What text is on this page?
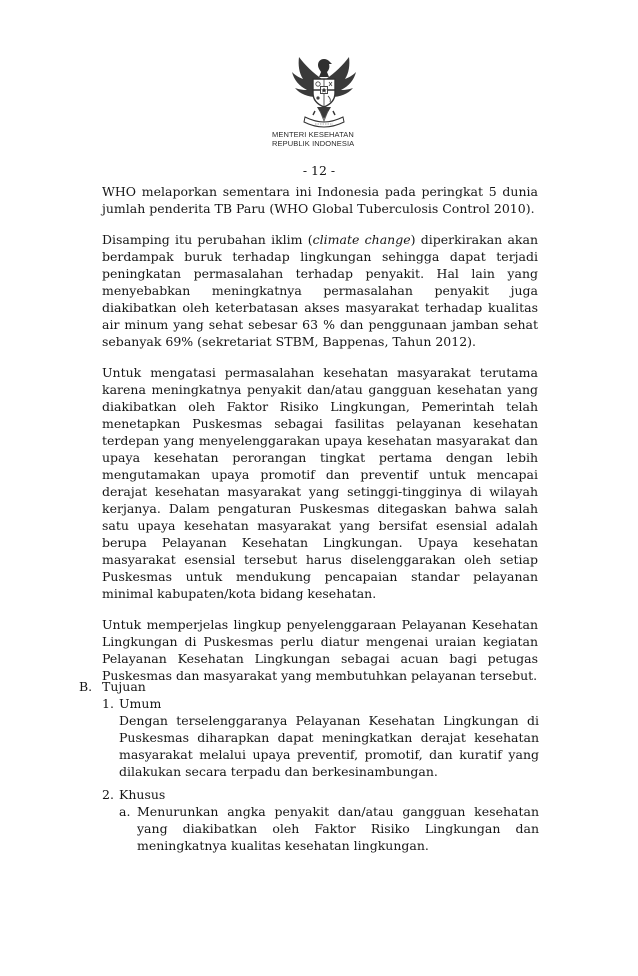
MENTERI KESEHATAN
REPUBLIK INDONESIA
- 12 -

WHO melaporkan sementara ini Indonesia pada peringkat 5 dunia jumlah penderita TB Paru (WHO Global Tuberculosis Control 2010).

Disamping itu perubahan iklim (climate change) diperkirakan akan berdampak buruk terhadap lingkungan sehingga dapat terjadi peningkatan permasalahan terhadap penyakit. Hal lain yang menyebabkan meningkatnya permasalahan penyakit juga diakibatkan oleh keterbatasan akses masyarakat terhadap kualitas air minum yang sehat sebesar 63 % dan penggunaan jamban sehat sebanyak 69% (sekretariat STBM, Bappenas, Tahun 2012).

Untuk mengatasi permasalahan kesehatan masyarakat terutama karena meningkatnya penyakit dan/atau gangguan kesehatan yang diakibatkan oleh Faktor Risiko Lingkungan, Pemerintah telah menetapkan Puskesmas sebagai fasilitas pelayanan kesehatan terdepan yang menyelenggarakan upaya kesehatan masyarakat dan upaya kesehatan perorangan tingkat pertama dengan lebih mengutamakan upaya promotif dan preventif untuk mencapai derajat kesehatan masyarakat yang setinggi-tingginya di wilayah kerjanya. Dalam pengaturan Puskesmas ditegaskan bahwa salah satu upaya kesehatan masyarakat yang bersifat esensial adalah berupa Pelayanan Kesehatan Lingkungan. Upaya kesehatan masyarakat esensial tersebut harus diselenggarakan oleh setiap Puskesmas untuk mendukung pencapaian standar pelayanan minimal kabupaten/kota bidang kesehatan.

Untuk memperjelas lingkup penyelenggaraan Pelayanan Kesehatan Lingkungan di Puskesmas perlu diatur mengenai uraian kegiatan Pelayanan Kesehatan Lingkungan sebagai acuan bagi petugas Puskesmas dan masyarakat yang membutuhkan pelayanan tersebut.

B. Tujuan
1. Umum
Dengan terselenggaranya Pelayanan Kesehatan Lingkungan di Puskesmas diharapkan dapat meningkatkan derajat kesehatan masyarakat melalui upaya preventif, promotif, dan kuratif yang dilakukan secara terpadu dan berkesinambungan.
2. Khusus
a. Menurunkan angka penyakit dan/atau gangguan kesehatan yang diakibatkan oleh Faktor Risiko Lingkungan dan meningkatnya kualitas kesehatan lingkungan.
